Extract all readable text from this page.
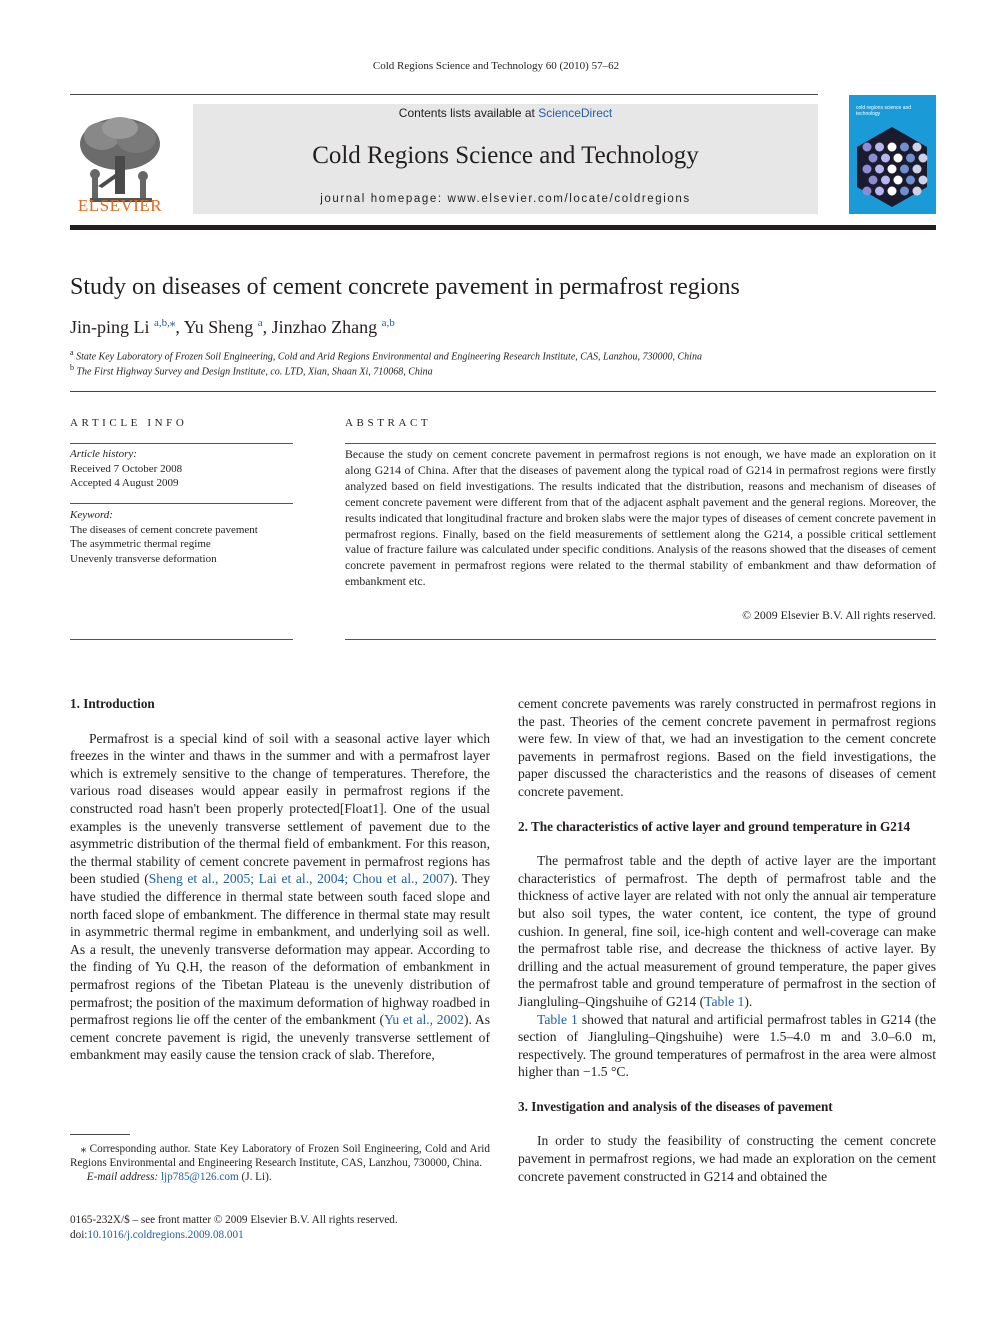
Cold Regions Science and Technology 60 (2010) 57–62
ELSEVIER
Contents lists available at ScienceDirect
Cold Regions Science and Technology
journal homepage: www.elsevier.com/locate/coldregions
cold regions science and technology
Study on diseases of cement concrete pavement in permafrost regions
Jin-ping Li $^{a,b,⁎}$, Yu Sheng $^a$, Jinzhao Zhang $^{a,b}$
$^a$ State Key Laboratory of Frozen Soil Engineering, Cold and Arid Regions Environmental and Engineering Research Institute, CAS, Lanzhou, 730000, China
$^b$ The First Highway Survey and Design Institute, co. LTD, Xian, Shaan Xi, 710068, China
ARTICLE INFO
Article history:
Received 7 October 2008
Accepted 4 August 2009
Keyword:
The diseases of cement concrete pavement
The asymmetric thermal regime
Unevenly transverse deformation
ABSTRACT
Because the study on cement concrete pavement in permafrost regions is not enough, we have made an exploration on it along G214 of China. After that the diseases of pavement along the typical road of G214 in permafrost regions were firstly analyzed based on field investigations. The results indicated that the distribution, reasons and mechanism of diseases of cement concrete pavement were different from that of the adjacent asphalt pavement and the general regions. Moreover, the results indicated that longitudinal fracture and broken slabs were the major types of diseases of cement concrete pavement in permafrost regions. Finally, based on the field measurements of settlement along the G214, a possible critical settlement value of fracture failure was calculated under specific conditions. Analysis of the reasons showed that the diseases of cement concrete pavement in permafrost regions were related to the thermal stability of embankment and thaw deformation of embankment etc.
© 2009 Elsevier B.V. All rights reserved.
1. Introduction

Permafrost is a special kind of soil with a seasonal active layer which freezes in the winter and thaws in the summer and with a permafrost layer which is extremely sensitive to the change of temperatures. Therefore, the various road diseases would appear easily in permafrost regions if the constructed road hasn't been properly protected[Float1]. One of the usual examples is the unevenly transverse settlement of pavement due to the asymmetric distribution of the thermal field of embankment. For this reason, the thermal stability of cement concrete pavement in permafrost regions has been studied (Sheng et al., 2005; Lai et al., 2004; Chou et al., 2007). They have studied the difference in thermal state between south faced slope and north faced slope of embankment. The difference in thermal state may result in asymmetric thermal regime in embankment, and underlying soil as well. As a result, the unevenly transverse deformation may appear. According to the finding of Yu Q.H, the reason of the deformation of embankment in permafrost regions of the Tibetan Plateau is the unevenly distribution of permafrost; the position of the maximum deformation of highway roadbed in permafrost regions lie off the center of the embankment (Yu et al., 2002). As cement concrete pavement is rigid, the unevenly transverse settlement of embankment may easily cause the tension crack of slab. Therefore,

cement concrete pavements was rarely constructed in permafrost regions in the past. Theories of the cement concrete pavement in permafrost regions were few. In view of that, we had an investigation to the cement concrete pavements in permafrost regions. Based on the field investigations, the paper discussed the characteristics and the reasons of diseases of cement concrete pavement.

2. The characteristics of active layer and ground temperature in G214

The permafrost table and the depth of active layer are the important characteristics of permafrost. The depth of permafrost table and the thickness of active layer are related with not only the annual air temperature but also soil types, the water content, ice content, the type of ground cushion. In general, fine soil, ice-high content and well-coverage can make the permafrost table rise, and decrease the thickness of active layer. By drilling and the actual measurement of ground temperature, the paper gives the permafrost table and ground temperature of permafrost in the section of Jiangluling–Qingshuihe of G214 (Table 1).

Table 1 showed that natural and artificial permafrost tables in G214 (the section of Jiangluling–Qingshuihe) were 1.5–4.0 m and 3.0–6.0 m, respectively. The ground temperatures of permafrost in the area were almost higher than −1.5 °C.

3. Investigation and analysis of the diseases of pavement

In order to study the feasibility of constructing the cement concrete pavement in permafrost regions, we had made an exploration on the cement concrete pavement constructed in G214 and obtained the

⁎ Corresponding author. State Key Laboratory of Frozen Soil Engineering, Cold and Arid Regions Environmental and Engineering Research Institute, CAS, Lanzhou, 730000, China.
E-mail address: ljp785@126.com (J. Li).
0165-232X/$ – see front matter © 2009 Elsevier B.V. All rights reserved.
doi:10.1016/j.coldregions.2009.08.001
